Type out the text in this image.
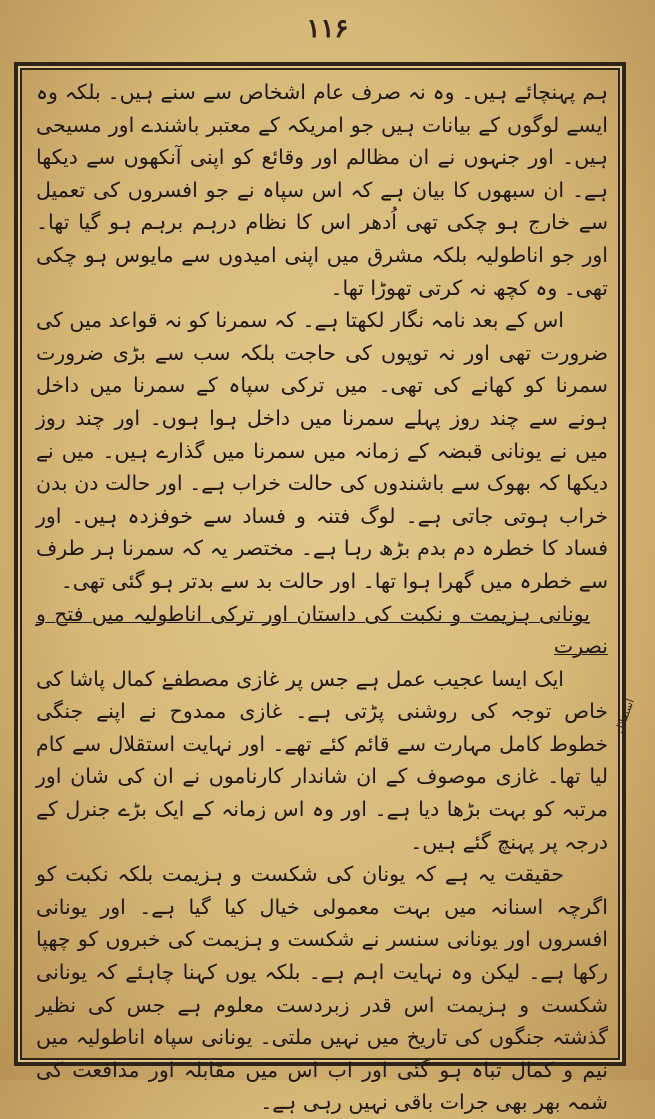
۱۱۶

ہم پہنچائے ہیں۔ وہ نہ صرف عام اشخاص سے سنے ہیں۔ بلکہ وہ ایسے لوگوں کے بیانات ہیں جو امریکہ کے معتبر باشندے اور مسیحی ہیں۔ اور جنہوں نے ان مظالم اور وقائع کو اپنی آنکھوں سے دیکھا ہے۔ ان سبھوں کا بیان ہے کہ اس سپاہ نے جو افسروں کی تعمیل سے خارج ہو چکی تھی اُدھر اس کا نظام درہم برہم ہو گیا تھا۔ اور جو اناطولیہ بلکہ مشرق میں اپنی امیدوں سے مایوس ہو چکی تھی۔ وہ کچھ نہ کرتی تھوڑا تھا۔

اس کے بعد نامہ نگار لکھتا ہے۔ کہ سمرنا کو نہ قواعد میں کی ضرورت تھی اور نہ توپوں کی حاجت بلکہ سب سے بڑی ضرورت سمرنا کو کھانے کی تھی۔ میں ترکی سپاہ کے سمرنا میں داخل ہونے سے چند روز پہلے سمرنا میں داخل ہوا ہوں۔ اور چند روز میں نے یونانی قبضہ کے زمانہ میں سمرنا میں گذارے ہیں۔ میں نے دیکھا کہ بھوک سے باشندوں کی حالت خراب ہے۔ اور حالت دن بدن خراب ہوتی جاتی ہے۔ لوگ فتنہ و فساد سے خوفزدہ ہیں۔ اور فساد کا خطرہ دم بدم بڑھ رہا ہے۔ مختصر یہ کہ سمرنا ہر طرف سے خطرہ میں گھرا ہوا تھا۔ اور حالت بد سے بدتر ہو گئی تھی۔

یونانی ہزیمت و نکبت کی داستان اور ترکی اناطولیہ میں فتح و نصرت

ایک ایسا عجیب عمل ہے جس پر غازی مصطفےٰ کمال پاشا کی خاص توجہ کی روشنی پڑتی ہے۔ غازی ممدوح نے اپنے جنگی خطوط کامل مہارت سے قائم کئے تھے۔ اور نہایت استقلال سے کام لیا تھا۔ غازی موصوف کے ان شاندار کارناموں نے ان کی شان اور مرتبہ کو بہت بڑھا دیا ہے۔ اور وہ اس زمانہ کے ایک بڑے جنرل کے درجہ پر پہنچ گئے ہیں۔

حقیقت یہ ہے کہ یونان کی شکست و ہزیمت بلکہ نکبت کو اگرچہ اسنانہ میں بہت معمولی خیال کیا گیا ہے۔ اور یونانی افسروں اور یونانی سنسر نے شکست و ہزیمت کی خبروں کو چھپا رکھا ہے۔ لیکن وہ نہایت اہم ہے۔ بلکہ یوں کہنا چاہئے کہ یونانی شکست و ہزیمت اس قدر زبردست معلوم ہے جس کی نظیر گذشتہ جنگوں کی تاریخ میں نہیں ملتی۔ یونانی سپاہ اناطولیہ میں نیم و کمال تباہ ہو گئی اور اب اس میں مقابلہ اور مدافعت کی شمہ بھر بھی جرات باقی نہیں رہی ہے۔

استقلال
